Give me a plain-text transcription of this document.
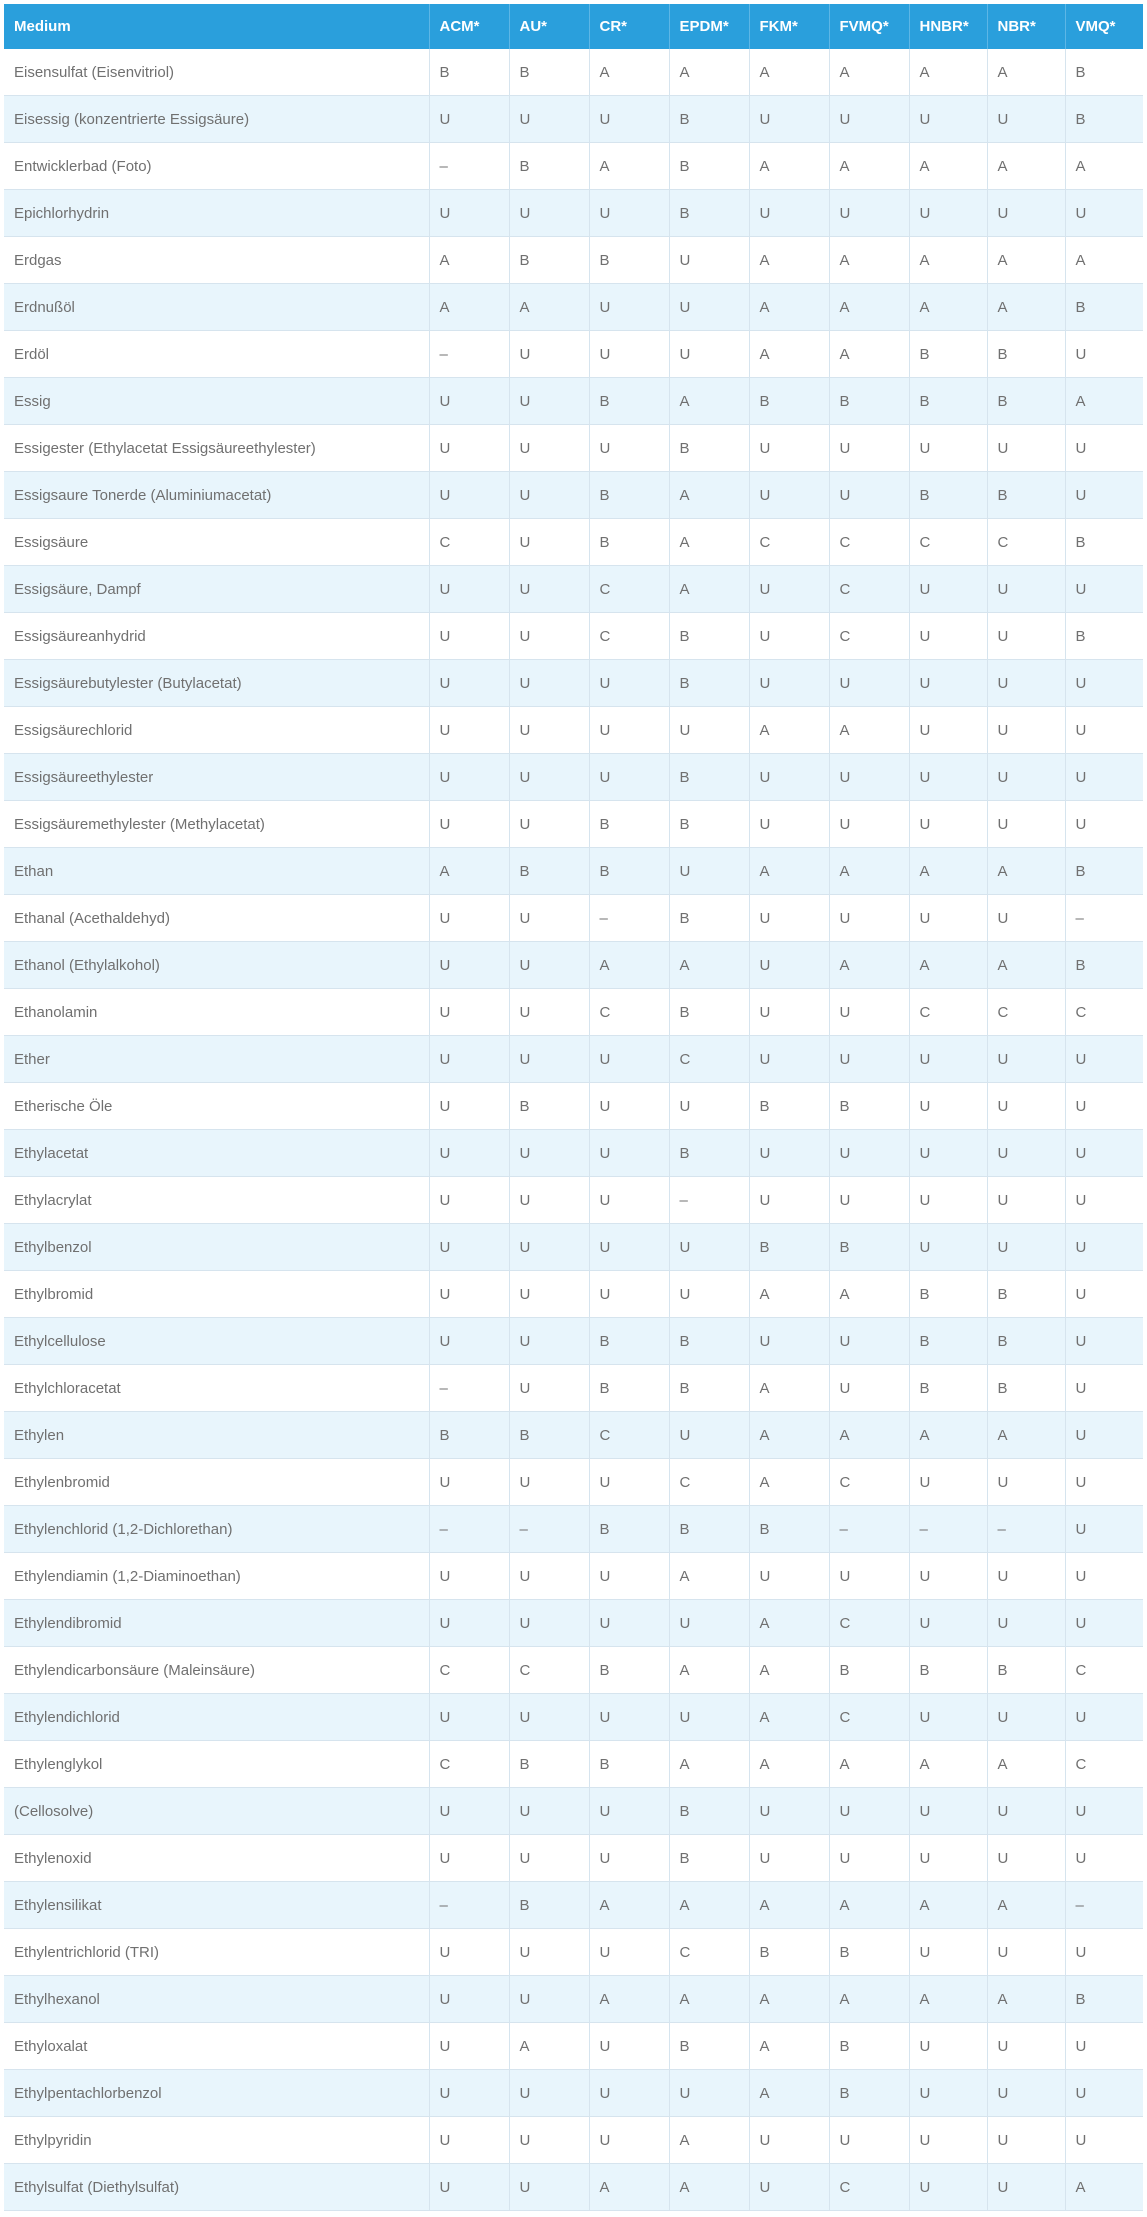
Medium	ACM*	AU*	CR*	EPDM*	FKM*	FVMQ*	HNBR*	NBR*	VMQ*
Eisensulfat (Eisenvitriol)	B	B	A	A	A	A	A	A	B
Eisessig (konzentrierte Essigsäure)	U	U	U	B	U	U	U	U	B
Entwicklerbad (Foto)	–	B	A	B	A	A	A	A	A
Epichlorhydrin	U	U	U	B	U	U	U	U	U
Erdgas	A	B	B	U	A	A	A	A	A
Erdnußöl	A	A	U	U	A	A	A	A	B
Erdöl	–	U	U	U	A	A	B	B	U
Essig	U	U	B	A	B	B	B	B	A
Essigester (Ethylacetat Essigsäureethylester)	U	U	U	B	U	U	U	U	U
Essigsaure Tonerde (Aluminiumacetat)	U	U	B	A	U	U	B	B	U
Essigsäure	C	U	B	A	C	C	C	C	B
Essigsäure, Dampf	U	U	C	A	U	C	U	U	U
Essigsäureanhydrid	U	U	C	B	U	C	U	U	B
Essigsäurebutylester (Butylacetat)	U	U	U	B	U	U	U	U	U
Essigsäurechlorid	U	U	U	U	A	A	U	U	U
Essigsäureethylester	U	U	U	B	U	U	U	U	U
Essigsäuremethylester (Methylacetat)	U	U	B	B	U	U	U	U	U
Ethan	A	B	B	U	A	A	A	A	B
Ethanal (Acethaldehyd)	U	U	–	B	U	U	U	U	–
Ethanol (Ethylalkohol)	U	U	A	A	U	A	A	A	B
Ethanolamin	U	U	C	B	U	U	C	C	C
Ether	U	U	U	C	U	U	U	U	U
Etherische Öle	U	B	U	U	B	B	U	U	U
Ethylacetat	U	U	U	B	U	U	U	U	U
Ethylacrylat	U	U	U	–	U	U	U	U	U
Ethylbenzol	U	U	U	U	B	B	U	U	U
Ethylbromid	U	U	U	U	A	A	B	B	U
Ethylcellulose	U	U	B	B	U	U	B	B	U
Ethylchloracetat	–	U	B	B	A	U	B	B	U
Ethylen	B	B	C	U	A	A	A	A	U
Ethylenbromid	U	U	U	C	A	C	U	U	U
Ethylenchlorid (1,2-Dichlorethan)	–	–	B	B	B	–	–	–	U
Ethylendiamin (1,2-Diaminoethan)	U	U	U	A	U	U	U	U	U
Ethylendibromid	U	U	U	U	A	C	U	U	U
Ethylendicarbonsäure (Maleinsäure)	C	C	B	A	A	B	B	B	C
Ethylendichlorid	U	U	U	U	A	C	U	U	U
Ethylenglykol	C	B	B	A	A	A	A	A	C
(Cellosolve)	U	U	U	B	U	U	U	U	U
Ethylenoxid	U	U	U	B	U	U	U	U	U
Ethylensilikat	–	B	A	A	A	A	A	A	–
Ethylentrichlorid (TRI)	U	U	U	C	B	B	U	U	U
Ethylhexanol	U	U	A	A	A	A	A	A	B
Ethyloxalat	U	A	U	B	A	B	U	U	U
Ethylpentachlorbenzol	U	U	U	U	A	B	U	U	U
Ethylpyridin	U	U	U	A	U	U	U	U	U
Ethylsulfat (Diethylsulfat)	U	U	A	A	U	C	U	U	A
